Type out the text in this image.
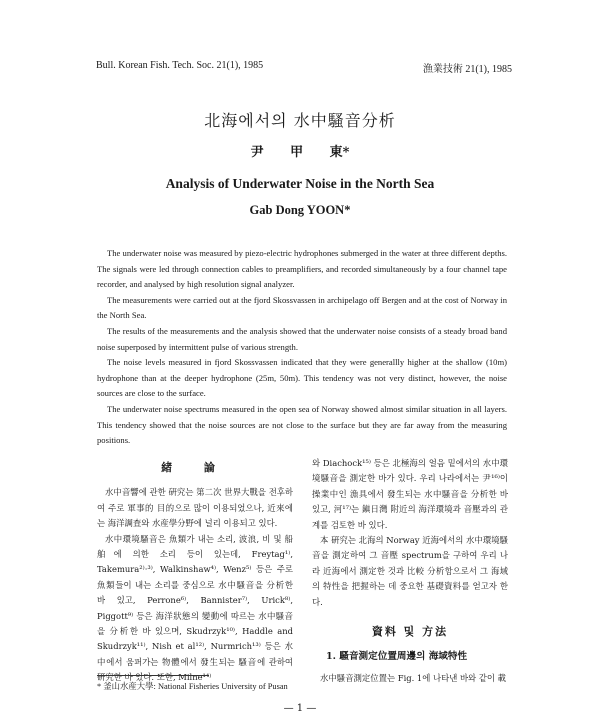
Bull. Korean Fish. Tech. Soc. 21(1), 1985	漁業技術 21(1), 1985
北海에서의 水中騷音分析
尹 甲 東*
Analysis of Underwater Noise in the North Sea
Gab Dong YOON*

The underwater noise was measured by piezo-electric hydrophones submerged in the water at three different depths. The signals were led through connection cables to preamplifiers, and recorded simultaneously by a four channel tape recorder, and analysed by high resolution signal analyzer.

The measurements were carried out at the fjord Skossvassen in archipelago off Bergen and at the cost of Norway in the North Sea.

The results of the measurements and the analysis showed that the underwater noise consists of a steady broad band noise superposed by intermittent pulse of various strength.

The noise levels measured in fjord Skossvassen indicated that they were generallly higher at the shallow (10m) hydrophone than at the deeper hydrophone (25m, 50m). This tendency was not very distinct, however, the noise sources are close to the surface.

The underwater noise spectrums measured in the open sea of Norway showed almost similar situation in all layers. This tendency showed that the noise sources are not close to the surface but they are far away from the measuring positions.

緒 論

水中音響에 관한 硏究는 第二次 世界大戰을 전후하여 주로 軍事的 目的으로 많이 이용되었으나, 近來에는 海洋調査와 水産學分野에 널리 이용되고 있다.

水中環境騷音은 魚類가 내는 소리, 波浪, 비 및 船舶에 의한 소리 등이 있는데, Freytag¹⁾, Takemura²⁾·³⁾, Walkinshaw⁴⁾, Wenz⁵⁾ 등은 주로 魚類들이 내는 소리를 중심으로 水中騷音을 分析한 바 있고, Perrone⁶⁾, Bannister⁷⁾, Urick⁸⁾, Piggott⁹⁾ 등은 海洋狀態의 變動에 따르는 水中騷音을 分析한 바 있으며, Skudrzyk¹⁰⁾, Haddle and Skudrzyk¹¹⁾, Nish et al¹²⁾, Nurmrich¹³⁾ 등은 水中에서 움퍼가는 物體에서 發生되는 騷音에 관하여 硏究한 바 있다. 또한, Milne¹⁴⁾

와 Diachock¹⁵⁾ 등은 北極海의 얼음 밑에서의 水中環境騷音을 測定한 바가 있다. 우리 나라에서는 尹¹⁶⁾이 操業中인 漁具에서 發生되는 水中騷音을 分析한 바 있고, 河¹⁷⁾는 鎭日灣 附近의 海洋環境과 音壓과의 관계를 검토한 바 있다.

本 硏究는 北海의 Norway 近海에서의 水中環境騷音을 測定하여 그 音壓 spectrum을 구하여 우리 나라 近海에서 測定한 것과 比較 分析함으로서 그 海域의 特性을 把握하는 데 중요한 基礎資料를 얻고자 한다.

資料 및 方法
1. 騷音測定位置周邊의 海域特性

水中騷音測定位置는 Fig. 1에 나타낸 바와 같이 載

* 釜山水産大學: National Fisheries University of Pusan
— 1 —
